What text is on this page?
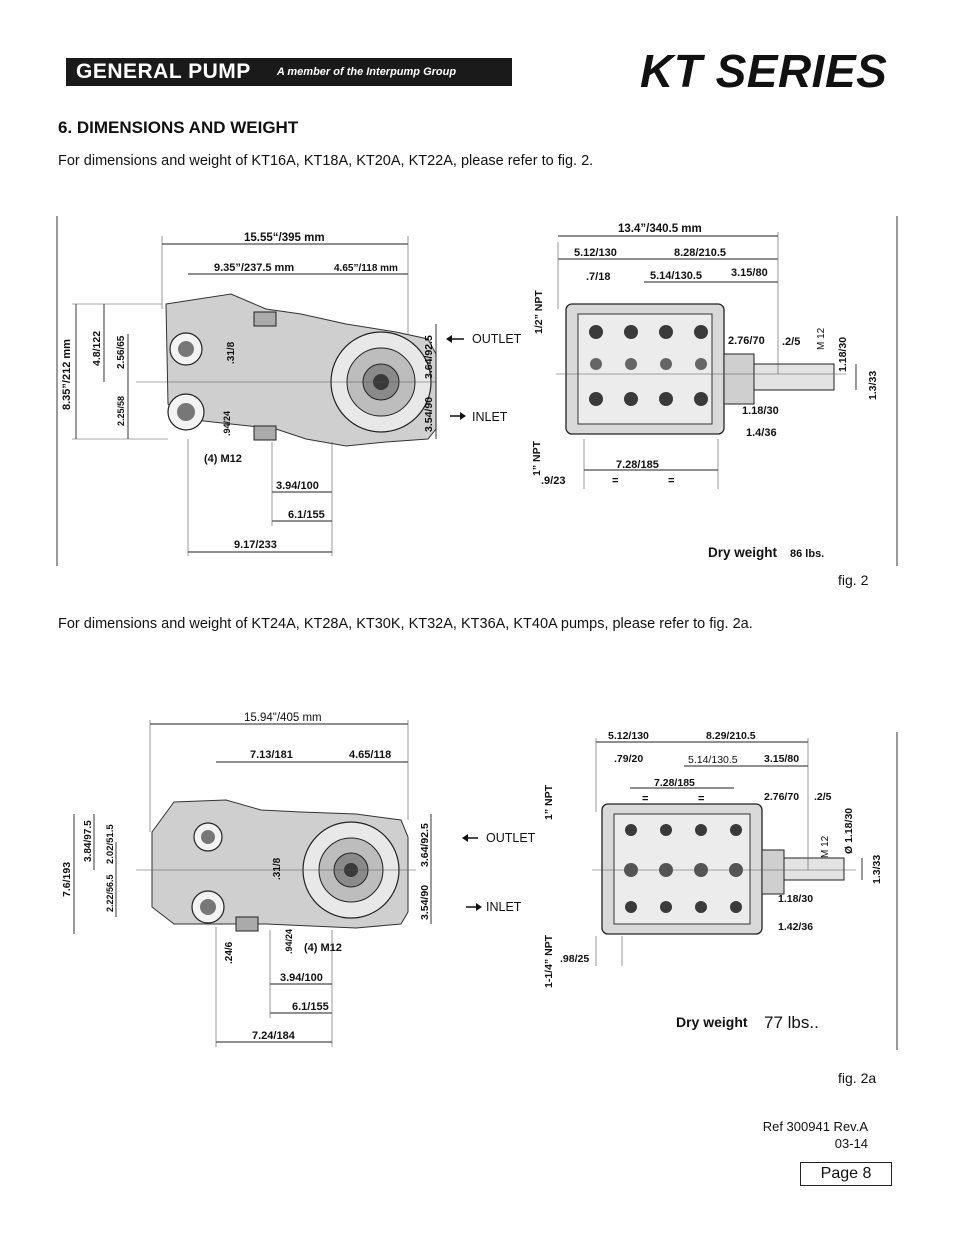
GENERAL PUMP A member of the Interpump Group	KT SERIES
6. DIMENSIONS AND WEIGHT
For dimensions and weight of KT16A, KT18A, KT20A, KT22A, please refer to fig. 2.
15.55“/395 mm
9.35”/237.5 mm	4.65”/118 mm
8.35”/212 mm 4.8/122 2.56/65
2.25/58
.31/8
.94/24
3.64/92.5
3.54/90
OUTLET
INLET
(4) M12
3.94/100
6.1/155
9.17/233
13.4”/340.5 mm
5.12/130	8.28/210.5
.7/18	5.14/130.5	3.15/80
1/2” NPT
1” NPT
2.76/70 .2/5 M 12 1.18/30
1.3/33
1.18/30
1.4/36
7.28/185
.9/23	=	=
Dry weight 86 lbs.
fig. 2
For dimensions and weight of KT24A, KT28A, KT30K, KT32A, KT36A, KT40A pumps, please refer to fig. 2a.
15.94"/405 mm
7.13/181	4.65/118
7.6/193
3.84/97.5 2.02/51.5
2.22/56.5
.31/8
.24/6	.94/24
3.64/92.5
3.54/90
OUTLET
INLET
(4) M12
3.94/100
6.1/155
7.24/184
5.12/130	8.29/210.5
.79/20	5.14/130.5	3.15/80
7.28/185
=	=
1” NPT
1-1/4” NPT
2.76/70 .2/5
M 12 Ø 1.18/30
1.3/33
1.18/30
1.42/36
.98/25
Dry weight 77 lbs..
fig. 2a
Ref 300941 Rev.A
03-14
Page 8
